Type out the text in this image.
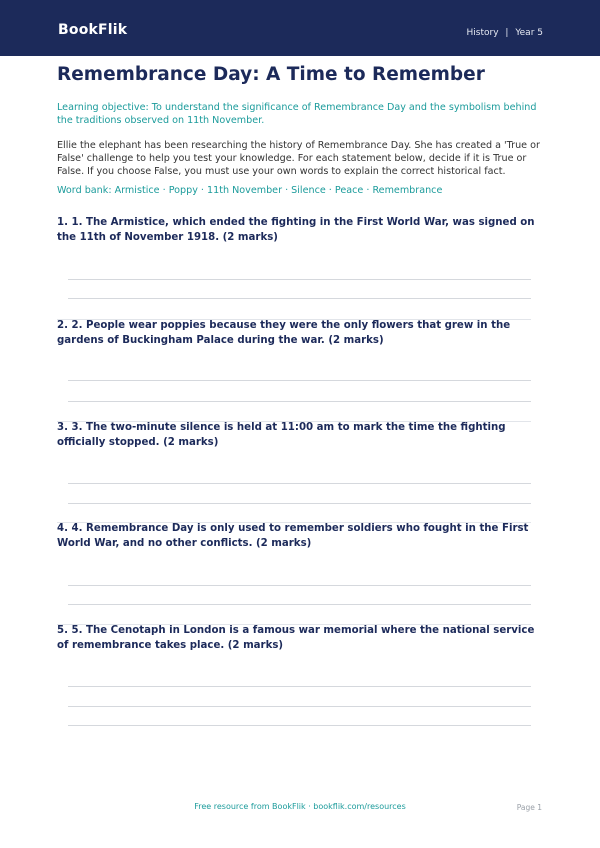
BookFlik	History | Year 5
Remembrance Day: A Time to Remember
Learning objective: To understand the significance of Remembrance Day and the symbolism behind the traditions observed on 11th November.
Ellie the elephant has been researching the history of Remembrance Day. She has created a 'True or False' challenge to help you test your knowledge. For each statement below, decide if it is True or False. If you choose False, you must use your own words to explain the correct historical fact.
Word bank: Armistice · Poppy · 11th November · Silence · Peace · Remembrance
1. 1. The Armistice, which ended the fighting in the First World War, was signed on the 11th of November 1918. (2 marks)
2. 2. People wear poppies because they were the only flowers that grew in the gardens of Buckingham Palace during the war. (2 marks)
3. 3. The two-minute silence is held at 11:00 am to mark the time the fighting officially stopped. (2 marks)
4. 4. Remembrance Day is only used to remember soldiers who fought in the First World War, and no other conflicts. (2 marks)
5. 5. The Cenotaph in London is a famous war memorial where the national service of remembrance takes place. (2 marks)
Free resource from BookFlik · bookflik.com/resources	Page 1
